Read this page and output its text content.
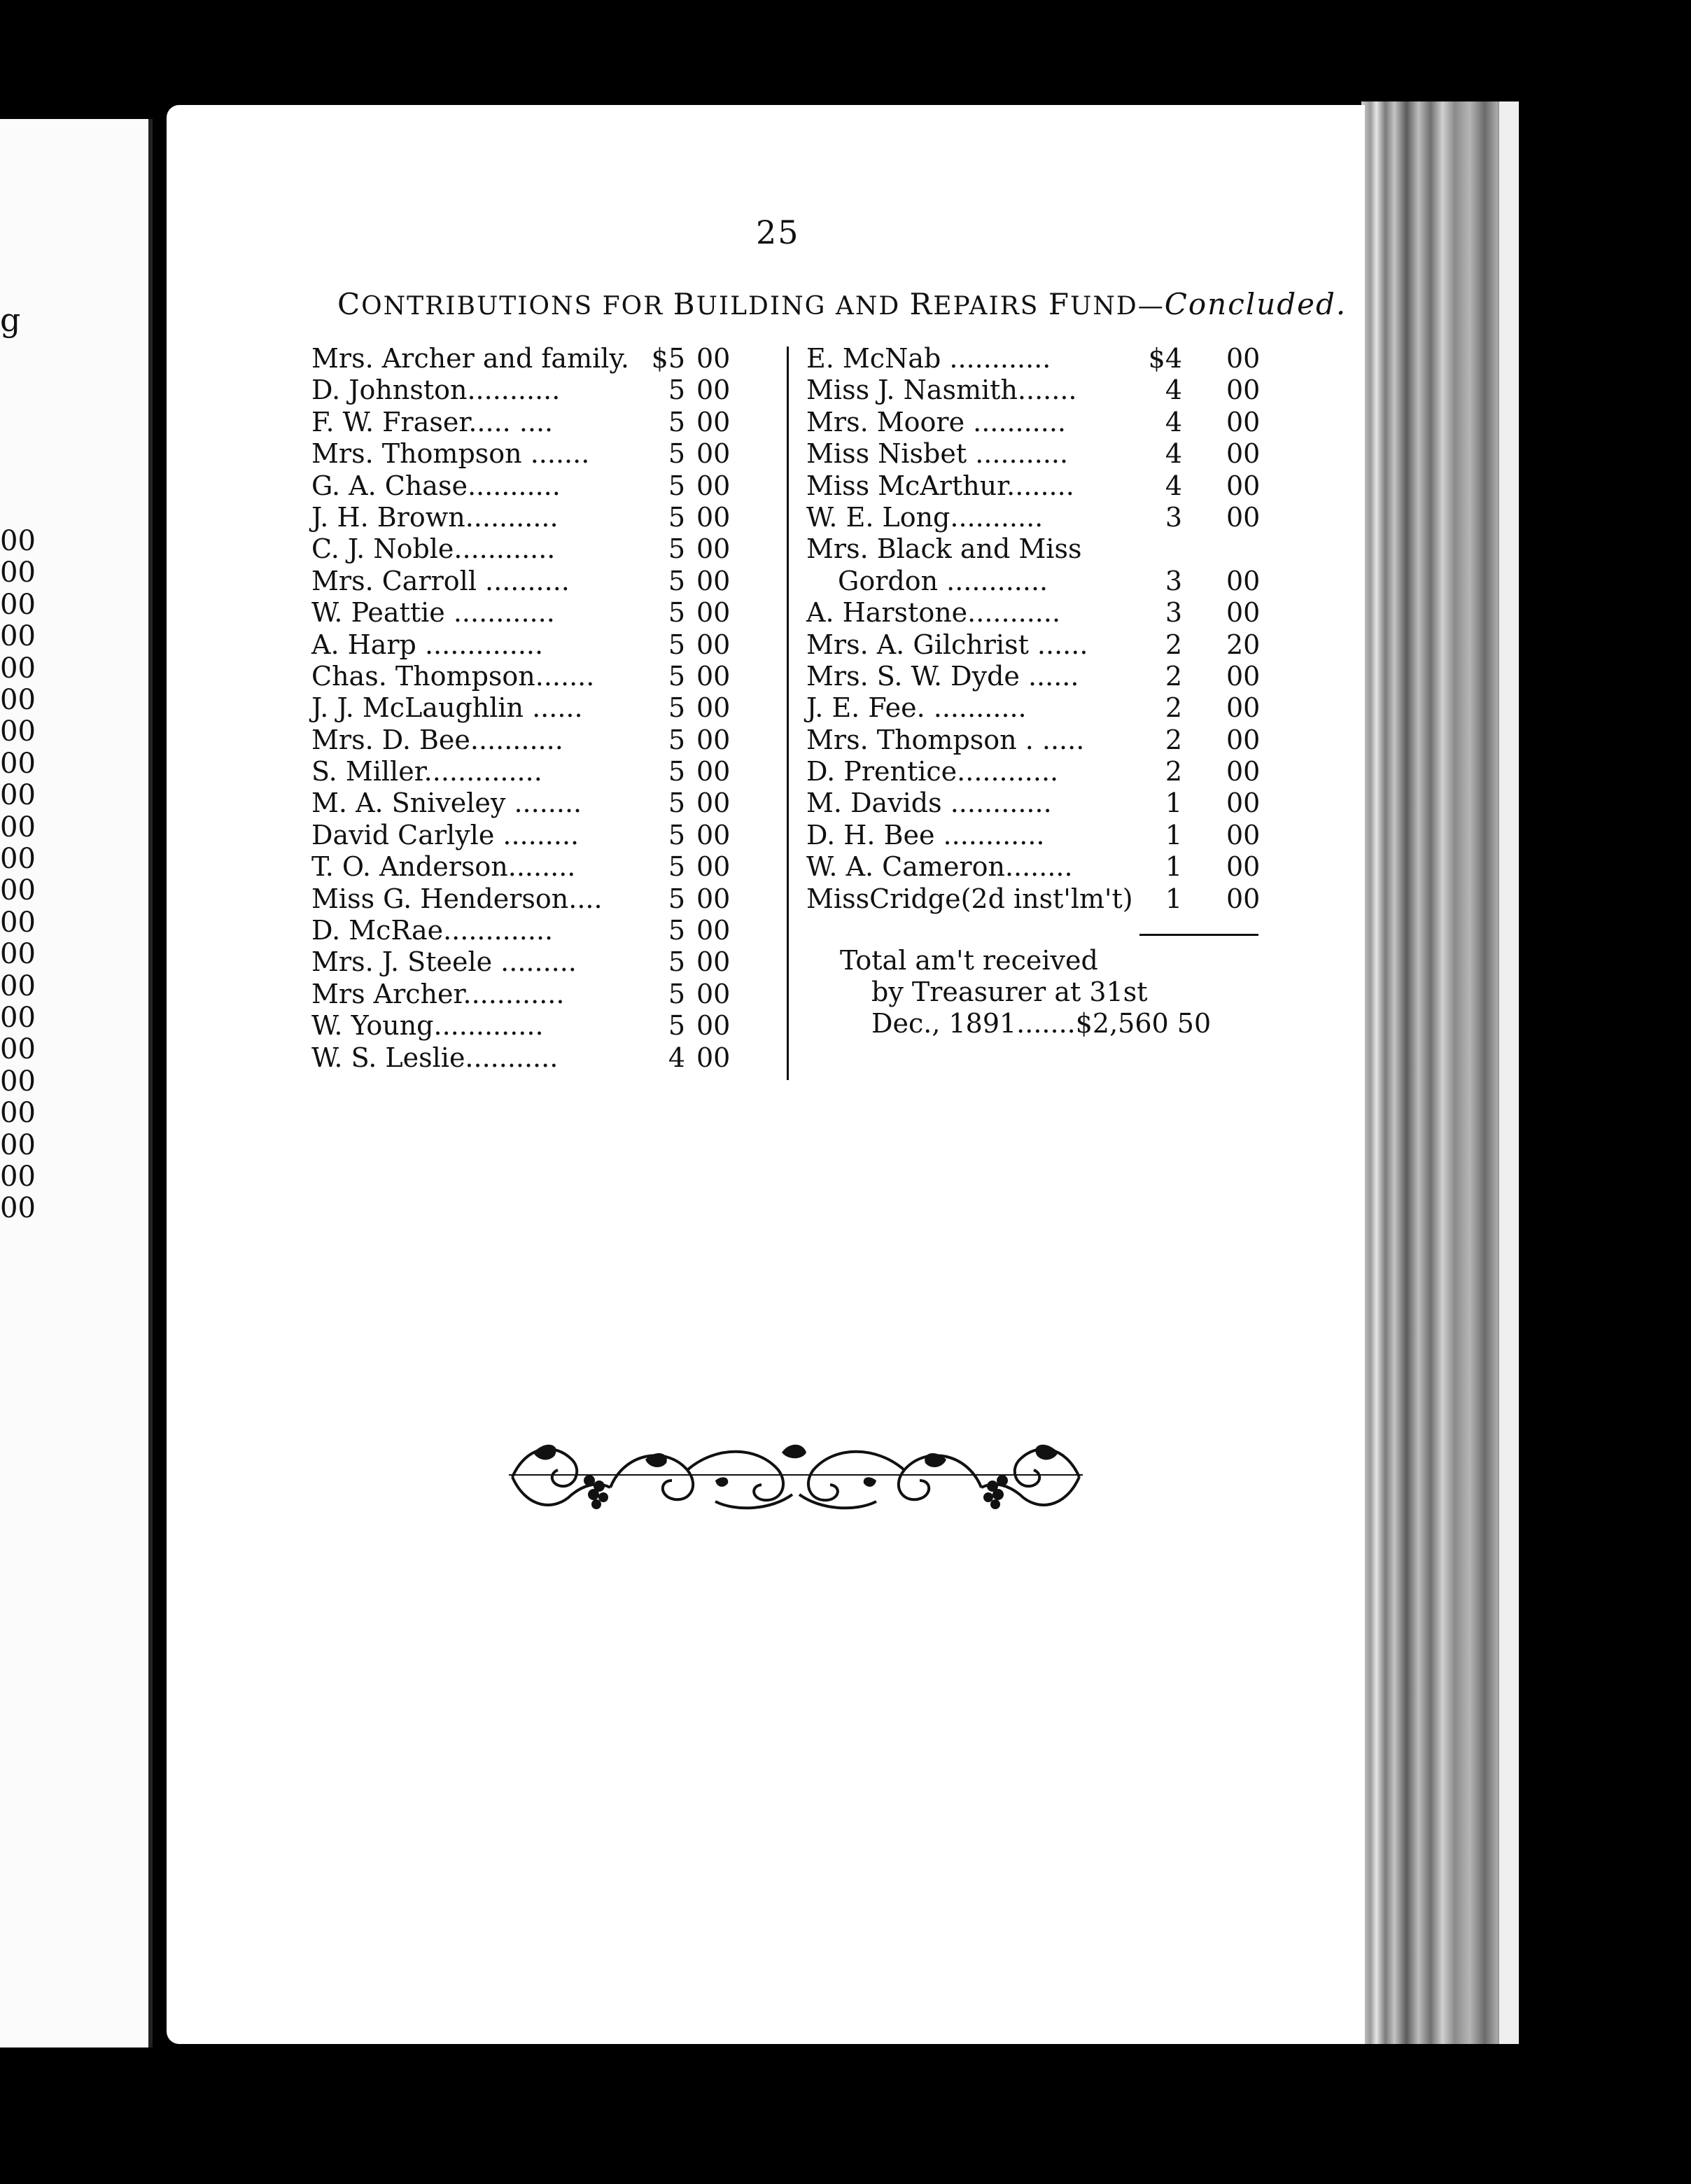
g
00
00
00
00
00
00
00
00
00
00
00
00
00
00
00
00
00
00
00
00
00
00
25
CONTRIBUTIONS FOR BUILDING AND REPAIRS FUND—Concluded.
Mrs. Archer and family. $5 00
D. Johnston...........	5 00
F. W. Fraser..... ....	5 00
Mrs. Thompson .......	5 00
G. A. Chase...........	5 00
J. H. Brown...........	5 00
C. J. Noble............	5 00
Mrs. Carroll ..........	5 00
W. Peattie ............	5 00
A. Harp ..............	5 00
Chas. Thompson.......	5 00
J. J. McLaughlin ......	5 00
Mrs. D. Bee...........	5 00
S. Miller..............	5 00
M. A. Sniveley ........	5 00
David Carlyle .........	5 00
T. O. Anderson........	5 00
Miss G. Henderson.... 5 00
D. McRae.............	5 00
Mrs. J. Steele .........	5 00
Mrs Archer............	5 00
W. Young.............	5 00
W. S. Leslie...........	4 00
E. McNab ............	$4 00
Miss J. Nasmith.......	4 00
Mrs. Moore ...........	4 00
Miss Nisbet ...........	4 00
Miss McArthur........	4 00
W. E. Long...........	3 00
Mrs. Black and Miss
Gordon ............	3 00
A. Harstone...........	3 00
Mrs. A. Gilchrist ......	2 20
Mrs. S. W. Dyde ......	2 00
J. E. Fee. ...........	2 00
Mrs. Thompson . .....	2 00
D. Prentice............	2 00
M. Davids ............	1 00
D. H. Bee ............	1 00
W. A. Cameron........	1 00
MissCridge(2d inst'lm't) 1 00
Total am't received
by Treasurer at 31st
Dec., 1891.......$2,560 50
